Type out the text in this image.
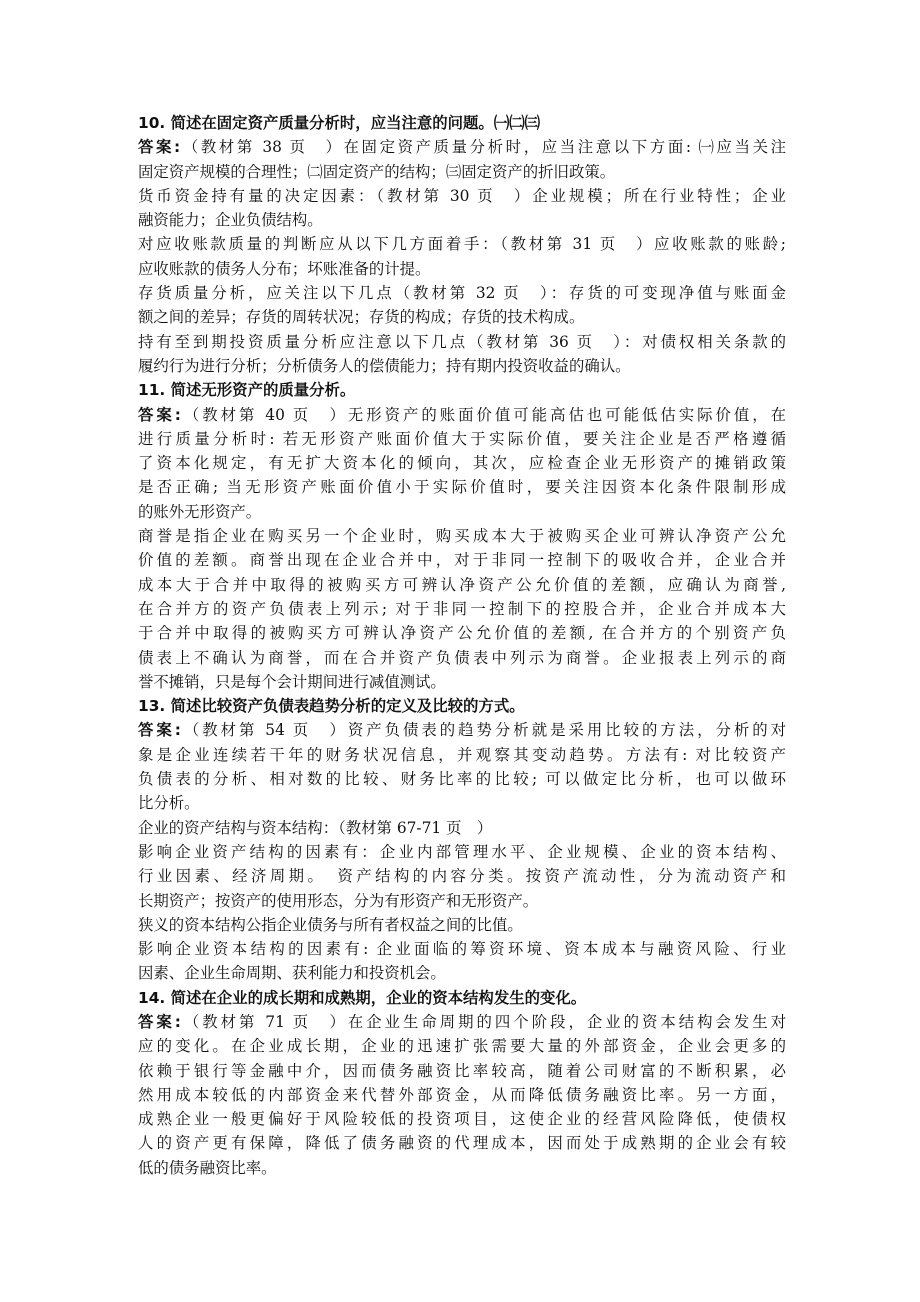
10. 简述在固定资产质量分析时，应当注意的问题。㈠㈡㈢
答案:（教材第 38 页　）在固定资产质量分析时，应当注意以下方面: ㈠应当关注
固定资产规模的合理性；㈡固定资产的结构；㈢固定资产的折旧政策。
货币资金持有量的决定因素：（教材第 30 页　）企业规模；所在行业特性；企业
融资能力；企业负债结构。
对应收账款质量的判断应从以下几方面着手：（教材第 31 页　）应收账款的账龄;
应收账款的债务人分布；坏账准备的计提。
存货质量分析，应关注以下几点（教材第 32 页　）：存货的可变现净值与账面金
额之间的差异；存货的周转状况；存货的构成；存货的技术构成。
持有至到期投资质量分析应注意以下几点（教材第 36 页　）：对债权相关条款的
履约行为进行分析；分析债务人的偿债能力；持有期内投资收益的确认。
11. 简述无形资产的质量分析。
答案:（教材第 40 页　）无形资产的账面价值可能高估也可能低估实际价值，在
进行质量分析时: 若无形资产账面价值大于实际价值，要关注企业是否严格遵循
了资本化规定，有无扩大资本化的倾向，其次，应检查企业无形资产的摊销政策
是否正确; 当无形资产账面价值小于实际价值时，要关注因资本化条件限制形成
的账外无形资产。
商誉是指企业在购买另一个企业时，购买成本大于被购买企业可辨认净资产公允
价值的差额。商誉出现在企业合并中，对于非同一控制下的吸收合并，企业合并
成本大于合并中取得的被购买方可辨认净资产公允价值的差额，应确认为商誉,
在合并方的资产负债表上列示; 对于非同一控制下的控股合并，企业合并成本大
于合并中取得的被购买方可辨认净资产公允价值的差额, 在合并方的个别资产负
债表上不确认为商誉，而在合并资产负债表中列示为商誉。企业报表上列示的商
誉不摊销，只是每个会计期间进行减值测试。
13. 简述比较资产负债表趋势分析的定义及比较的方式。
答案:（教材第 54 页　）资产负债表的趋势分析就是采用比较的方法，分析的对
象是企业连续若干年的财务状况信息，并观察其变动趋势。方法有: 对比较资产
负债表的分析、相对数的比较、财务比率的比较; 可以做定比分析，也可以做环
比分析。
企业的资产结构与资本结构：（教材第 67-71 页　）
影响企业资产结构的因素有：企业内部管理水平、企业规模、企业的资本结构、
行业因素、经济周期。　资产结构的内容分类。按资产流动性，分为流动资产和
长期资产；按资产的使用形态，分为有形资产和无形资产。
狭义的资本结构公指企业债务与所有者权益之间的比值。
影响企业资本结构的因素有: 企业面临的筹资环境、资本成本与融资风险、行业
因素、企业生命周期、获利能力和投资机会。
14. 简述在企业的成长期和成熟期，企业的资本结构发生的变化。
答案:（教材第 71 页　）在企业生命周期的四个阶段，企业的资本结构会发生对
应的变化。在企业成长期，企业的迅速扩张需要大量的外部资金，企业会更多的
依赖于银行等金融中介，因而债务融资比率较高，随着公司财富的不断积累，必
然用成本较低的内部资金来代替外部资金，从而降低债务融资比率。另一方面，
成熟企业一般更偏好于风险较低的投资项目，这使企业的经营风险降低，使债权
人的资产更有保障，降低了债务融资的代理成本，因而处于成熟期的企业会有较
低的债务融资比率。
